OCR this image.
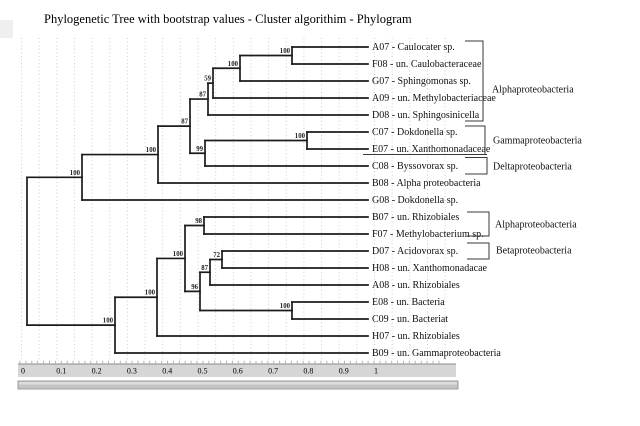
Phylogenetic Tree with bootstrap values - Cluster algorithim - Phylogram
A07 - Caulocater sp.
F08 - un. Caulobacteraceae
100
G07 - Sphingomonas sp.
100
A09 - un. Methylobacteriaceae
59
D08 - un. Sphingosinicella
87
C07 - Dokdonella sp.
E07 - un. Xanthomonadaceae
100
C08 - Byssovorax sp.
99
87
B08 - Alpha proteobacteria
100
G08 - Dokdonella sp.
100
B07 - un. Rhizobiales
F07 - Methylobacterium sp.
98
D07 - Acidovorax sp.
H08 - un. Xanthomonadacae
72
A08 - un. Rhizobiales
87
E08 - un. Bacteria
C09 - un. Bacteriat
100
96
100
H07 - un. Rhizobiales
100
B09 - un. Gammaproteobacteria
100
Alphaproteobacteria
Gammaproteobacteria
Deltaproteobacteria
Alphaproteobacteria
Betaproteobacteria
0	0.1	0.2	0.3	0.4	0.5	0.6	0.7	0.8	0.9	1
